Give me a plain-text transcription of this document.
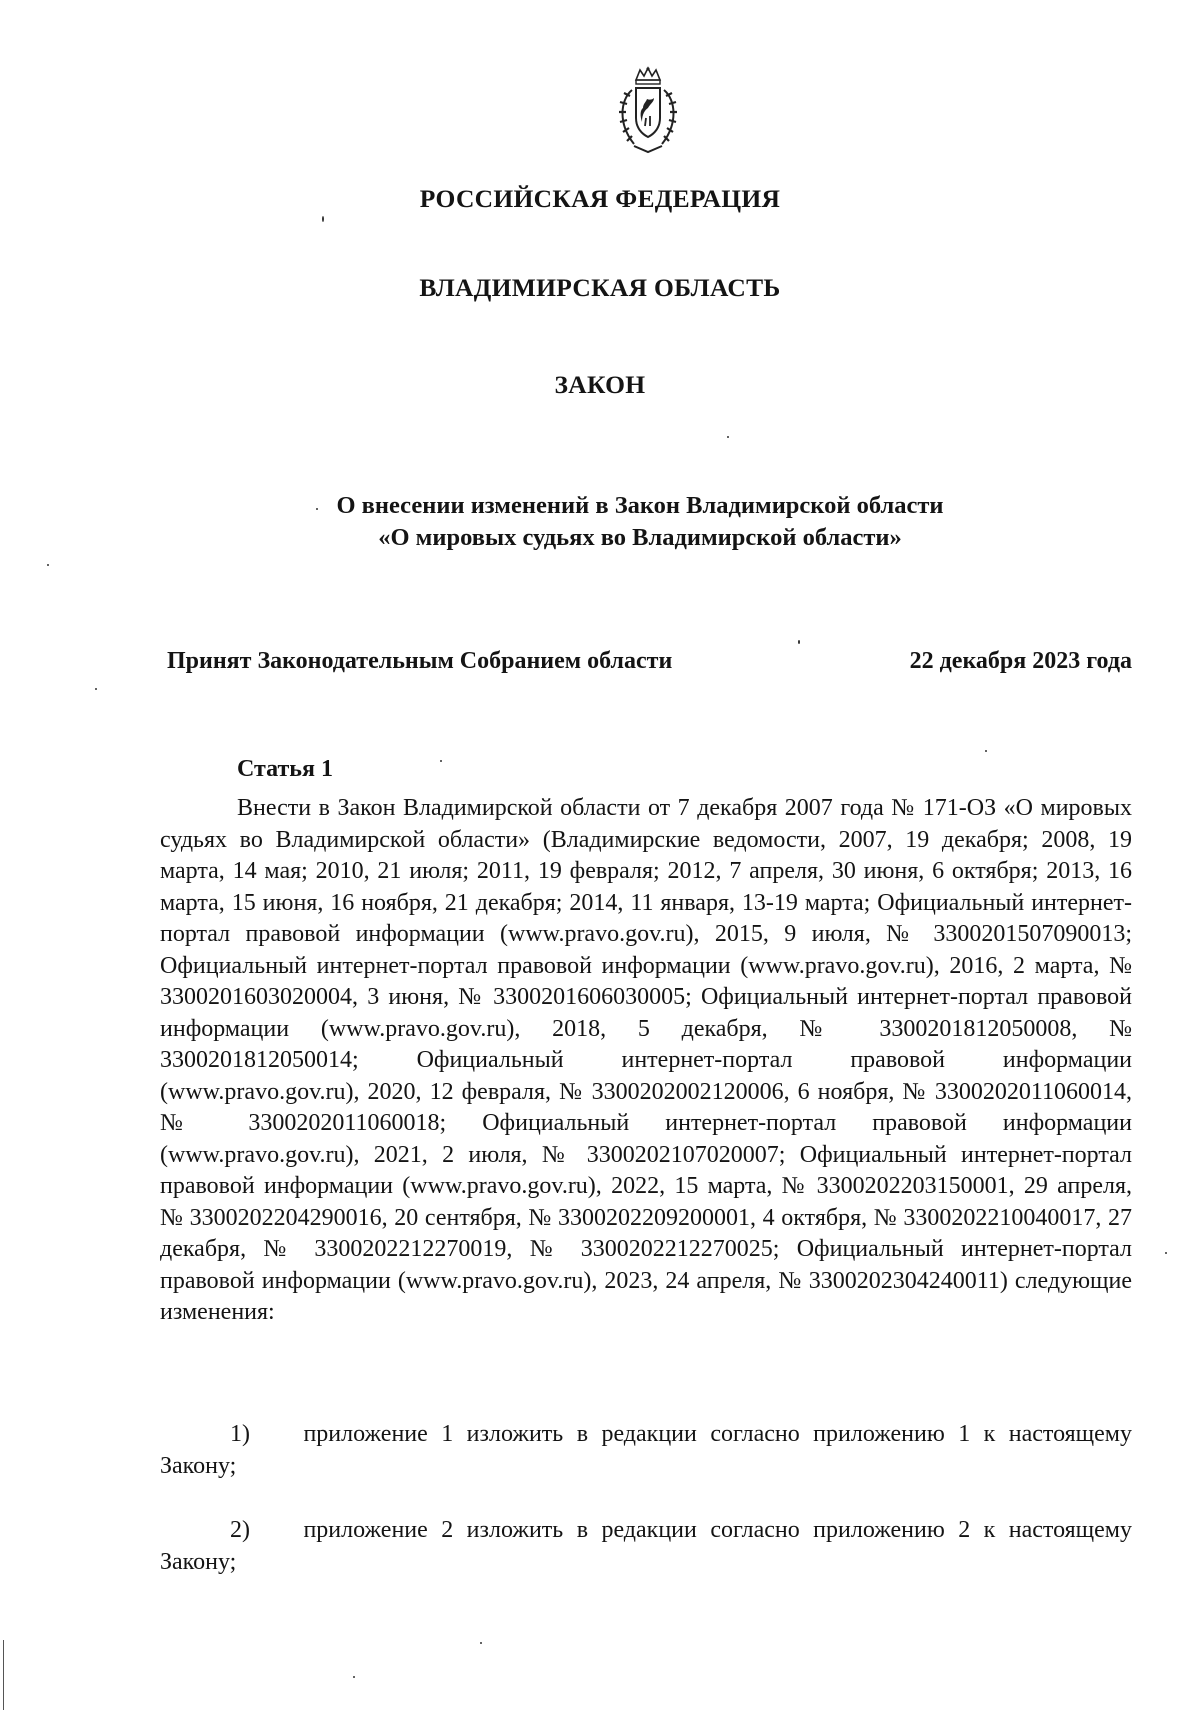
РОССИЙСКАЯ ФЕДЕРАЦИЯ
ВЛАДИМИРСКАЯ ОБЛАСТЬ
ЗАКОН

О внесении изменений в Закон Владимирской области «О мировых судьях во Владимирской области»

Принят Законодательным Собранием области	22 декабря 2023 года
Статья 1

Внести в Закон Владимирской области от 7 декабря 2007 года № 171-ОЗ «О мировых судьях во Владимирской области» (Владимирские ведомости, 2007, 19 декабря; 2008, 19 марта, 14 мая; 2010, 21 июля; 2011, 19 февраля; 2012, 7 апреля, 30 июня, 6 октября; 2013, 16 марта, 15 июня, 16 ноября, 21 декабря; 2014, 11 января, 13-19 марта; Официальный интернет-портал правовой информации (www.pravo.gov.ru), 2015, 9 июля, № 3300201507090013; Официальный интернет-портал правовой информации (www.pravo.gov.ru), 2016, 2 марта, № 3300201603020004, 3 июня, № 3300201606030005; Официальный интернет-портал правовой информации (www.pravo.gov.ru), 2018, 5 декабря, № 3300201812050008, № 3300201812050014; Официальный интернет-портал правовой информации (www.pravo.gov.ru), 2020, 12 февраля, № 3300202002120006, 6 ноября, № 3300202011060014, № 3300202011060018; Официальный интернет-портал правовой информации (www.pravo.gov.ru), 2021, 2 июля, № 3300202107020007; Официальный интернет-портал правовой информации (www.pravo.gov.ru), 2022, 15 марта, № 3300202203150001, 29 апреля, № 3300202204290016, 20 сентября, № 3300202209200001, 4 октября, № 3300202210040017, 27 декабря, № 3300202212270019, № 3300202212270025; Официальный интернет-портал правовой информации (www.pravo.gov.ru), 2023, 24 апреля, № 3300202304240011) следующие изменения:

1) приложение 1 изложить в редакции согласно приложению 1 к настоящему Закону;

2) приложение 2 изложить в редакции согласно приложению 2 к настоящему Закону;
